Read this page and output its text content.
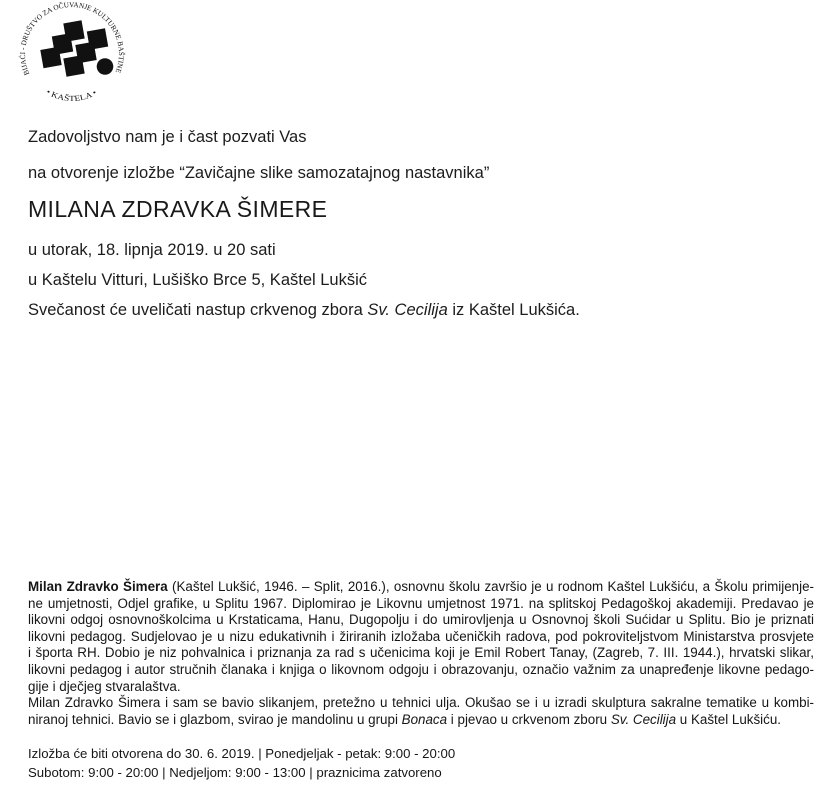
BIJAĆI - DRUŠTVO ZA OČUVANJE KULTURNE BAŠTINE
• KAŠTELA •
Zadovoljstvo nam je i čast pozvati Vas
na otvorenje izložbe “Zavičajne slike samozatajnog nastavnika”
MILANA ZDRAVKA ŠIMERE
u utorak, 18. lipnja 2019. u 20 sati
u Kaštelu Vitturi, Lušiško Brce 5, Kaštel Lukšić
Svečanost će uveličati nastup crkvenog zbora Sv. Cecilija iz Kaštel Lukšića.
Milan Zdravko Šimera (Kaštel Lukšić, 1946. – Split, 2016.), osnovnu školu završio je u rodnom Kaštel Lukšiću, a Školu primijenje-
ne umjetnosti, Odjel grafike, u Splitu 1967. Diplomirao je Likovnu umjetnost 1971. na splitskoj Pedagoškoj akademiji. Predavao je
likovni odgoj osnovnoškolcima u Krstaticama, Hanu, Dugopolju i do umirovljenja u Osnovnoj školi Sućidar u Splitu. Bio je priznati
likovni pedagog. Sudjelovao je u nizu edukativnih i žiriranih izložaba učeničkih radova, pod pokroviteljstvom Ministarstva prosvjete
i športa RH. Dobio je niz pohvalnica i priznanja za rad s učenicima koji je Emil Robert Tanay, (Zagreb, 7. III. 1944.), hrvatski slikar,
likovni pedagog i autor stručnih članaka i knjiga o likovnom odgoju i obrazovanju, označio važnim za unapređenje likovne pedago-
gije i dječjeg stvaralaštva.
Milan Zdravko Šimera i sam se bavio slikanjem, pretežno u tehnici ulja. Okušao se i u izradi skulptura sakralne tematike u kombi-
niranoj tehnici. Bavio se i glazbom, svirao je mandolinu u grupi Bonaca i pjevao u crkvenom zboru Sv. Cecilija u Kaštel Lukšiću.
Izložba će biti otvorena do 30. 6. 2019. | Ponedjeljak - petak: 9:00 - 20:00
Subotom: 9:00 - 20:00 | Nedjeljom: 9:00 - 13:00 | praznicima zatvoreno
